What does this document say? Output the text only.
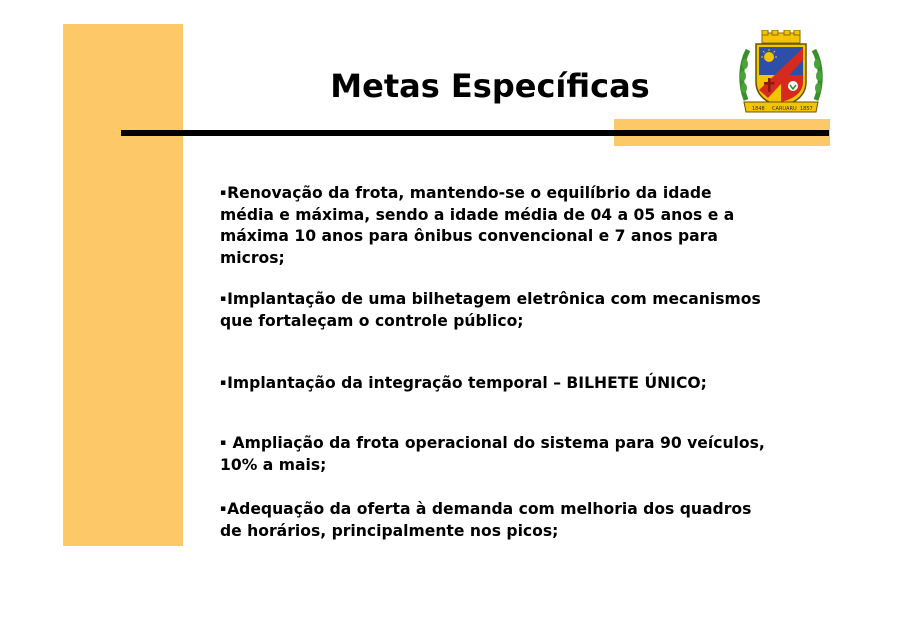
Metas Específicas
1848 CARUARU 1857
▪Renovação da frota, mantendo-se o equilíbrio da idade
média e máxima, sendo a idade média de 04 a 05 anos e a
máxima 10 anos para ônibus convencional e 7 anos para
micros;
▪Implantação de uma bilhetagem eletrônica com mecanismos
que fortaleçam o controle público;
▪Implantação da integração temporal – BILHETE ÚNICO;
▪ Ampliação da frota operacional do sistema para 90 veículos,
10% a mais;
▪Adequação da oferta à demanda com melhoria dos quadros
de horários, principalmente nos picos;
